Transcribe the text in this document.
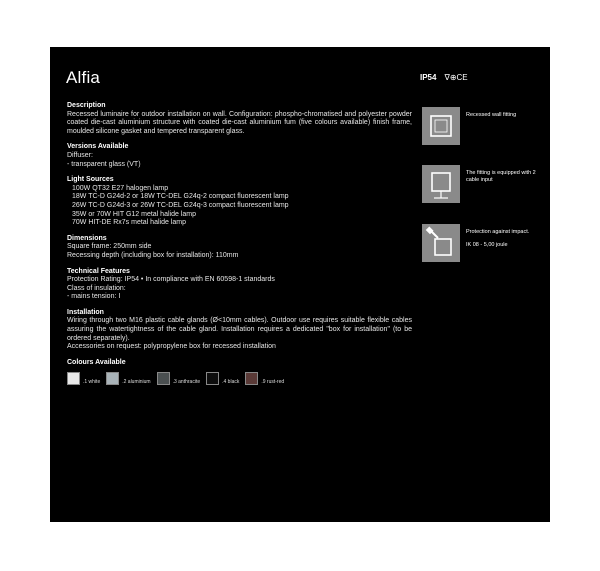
Alfia	IP54 ∇⊕CE
Description
Recessed luminaire for outdoor installation on wall. Configuration: phospho-chromatised and polyester powder coated die-cast aluminium structure with coated die-cast aluminium fum (five colours available) finish frame, moulded silicone gasket and tempered transparent glass.
Versions Available
Diffuser:
- transparent glass (VT)
Light Sources
100W QT32 E27 halogen lamp
18W TC-D G24d-2 or 18W TC-DEL G24q-2 compact fluorescent lamp
26W TC-D G24d-3 or 26W TC-DEL G24q-3 compact fluorescent lamp
35W or 70W HIT G12 metal halide lamp
70W HIT-DE Rx7s metal halide lamp
Dimensions
Square frame: 250mm side
Recessing depth (including box for installation): 110mm
Technical Features
Protection Rating: IP54 • In compliance with EN 60598-1 standards
Class of insulation:
- mains tension: I
Installation
Wiring through two M16 plastic cable glands (Ø<10mm cables). Outdoor use requires suitable flexible cables assuring the watertightness of the cable gland. Installation requires a dedicated "box for installation" (to be ordered separately).
Accessories on request: polypropylene box for recessed installation
Colours Available
.1 white	.2 aluminium	.3 anthracite	.4 black	.9 rust-red
Recessed wall fitting
The fitting is equipped with 2 cable input
Protection against impact.
IK 08 - 5,00 joule
